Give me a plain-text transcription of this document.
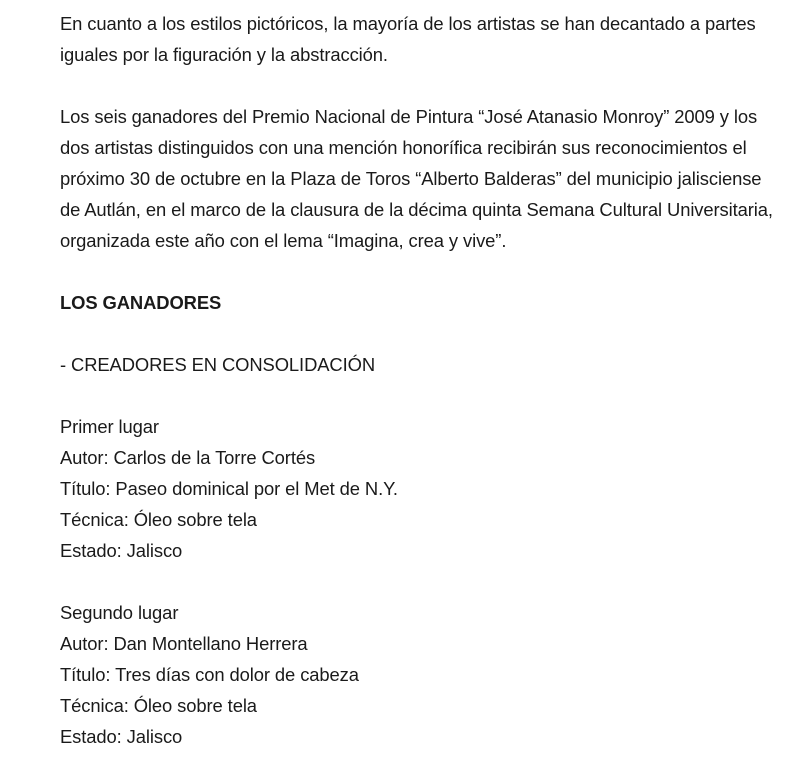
En cuanto a los estilos pictóricos, la mayoría de los artistas se han decantado a partes iguales por la figuración y la abstracción.

Los seis ganadores del Premio Nacional de Pintura “José Atanasio Monroy” 2009 y los dos artistas distinguidos con una mención honorífica recibirán sus reconocimientos el próximo 30 de octubre en la Plaza de Toros “Alberto Balderas” del municipio jalisciense de Autlán, en el marco de la clausura de la décima quinta Semana Cultural Universitaria, organizada este año con el lema “Imagina, crea y vive”.

LOS GANADORES

- CREADORES EN CONSOLIDACIÓN

Primer lugar

Autor: Carlos de la Torre Cortés

Título: Paseo dominical por el Met de N.Y.

Técnica: Óleo sobre tela

Estado: Jalisco

Segundo lugar

Autor: Dan Montellano Herrera

Título: Tres días con dolor de cabeza

Técnica: Óleo sobre tela

Estado: Jalisco
